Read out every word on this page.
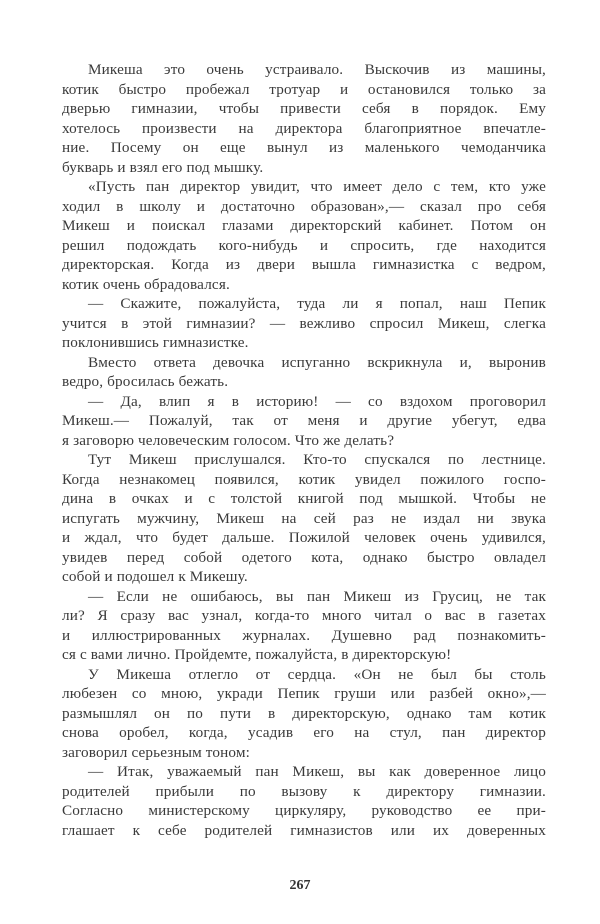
Микеша это очень устраивало. Выскочив из машины,
котик быстро пробежал тротуар и остановился только за
дверью гимназии, чтобы привести себя в порядок. Ему
хотелось произвести на директора благоприятное впечатле-
ние. Посему он еще вынул из маленького чемоданчика
букварь и взял его под мышку.
«Пусть пан директор увидит, что имеет дело с тем, кто уже
ходил в школу и достаточно образован»,— сказал про себя
Микеш и поискал глазами директорский кабинет. Потом он
решил подождать кого-нибудь и спросить, где находится
директорская. Когда из двери вышла гимназистка с ведром,
котик очень обрадовался.
— Скажите, пожалуйста, туда ли я попал, наш Пепик
учится в этой гимназии? — вежливо спросил Микеш, слегка
поклонившись гимназистке.
Вместо ответа девочка испуганно вскрикнула и, выронив
ведро, бросилась бежать.
— Да, влип я в историю! — со вздохом проговорил
Микеш.— Пожалуй, так от меня и другие убегут, едва
я заговорю человеческим голосом. Что же делать?
Тут Микеш прислушался. Кто-то спускался по лестнице.
Когда незнакомец появился, котик увидел пожилого госпо-
дина в очках и с толстой книгой под мышкой. Чтобы не
испугать мужчину, Микеш на сей раз не издал ни звука
и ждал, что будет дальше. Пожилой человек очень удивился,
увидев перед собой одетого кота, однако быстро овладел
собой и подошел к Микешу.
— Если не ошибаюсь, вы пан Микеш из Грусиц, не так
ли? Я сразу вас узнал, когда-то много читал о вас в газетах
и иллюстрированных журналах. Душевно рад познакомить-
ся с вами лично. Пройдемте, пожалуйста, в директорскую!
У Микеша отлегло от сердца. «Он не был бы столь
любезен со мною, укради Пепик груши или разбей окно»,—
размышлял он по пути в директорскую, однако там котик
снова оробел, когда, усадив его на стул, пан директор
заговорил серьезным тоном:
— Итак, уважаемый пан Микеш, вы как доверенное лицо
родителей прибыли по вызову к директору гимназии.
Согласно министерскому циркуляру, руководство ее при-
глашает к себе родителей гимназистов или их доверенных
267
